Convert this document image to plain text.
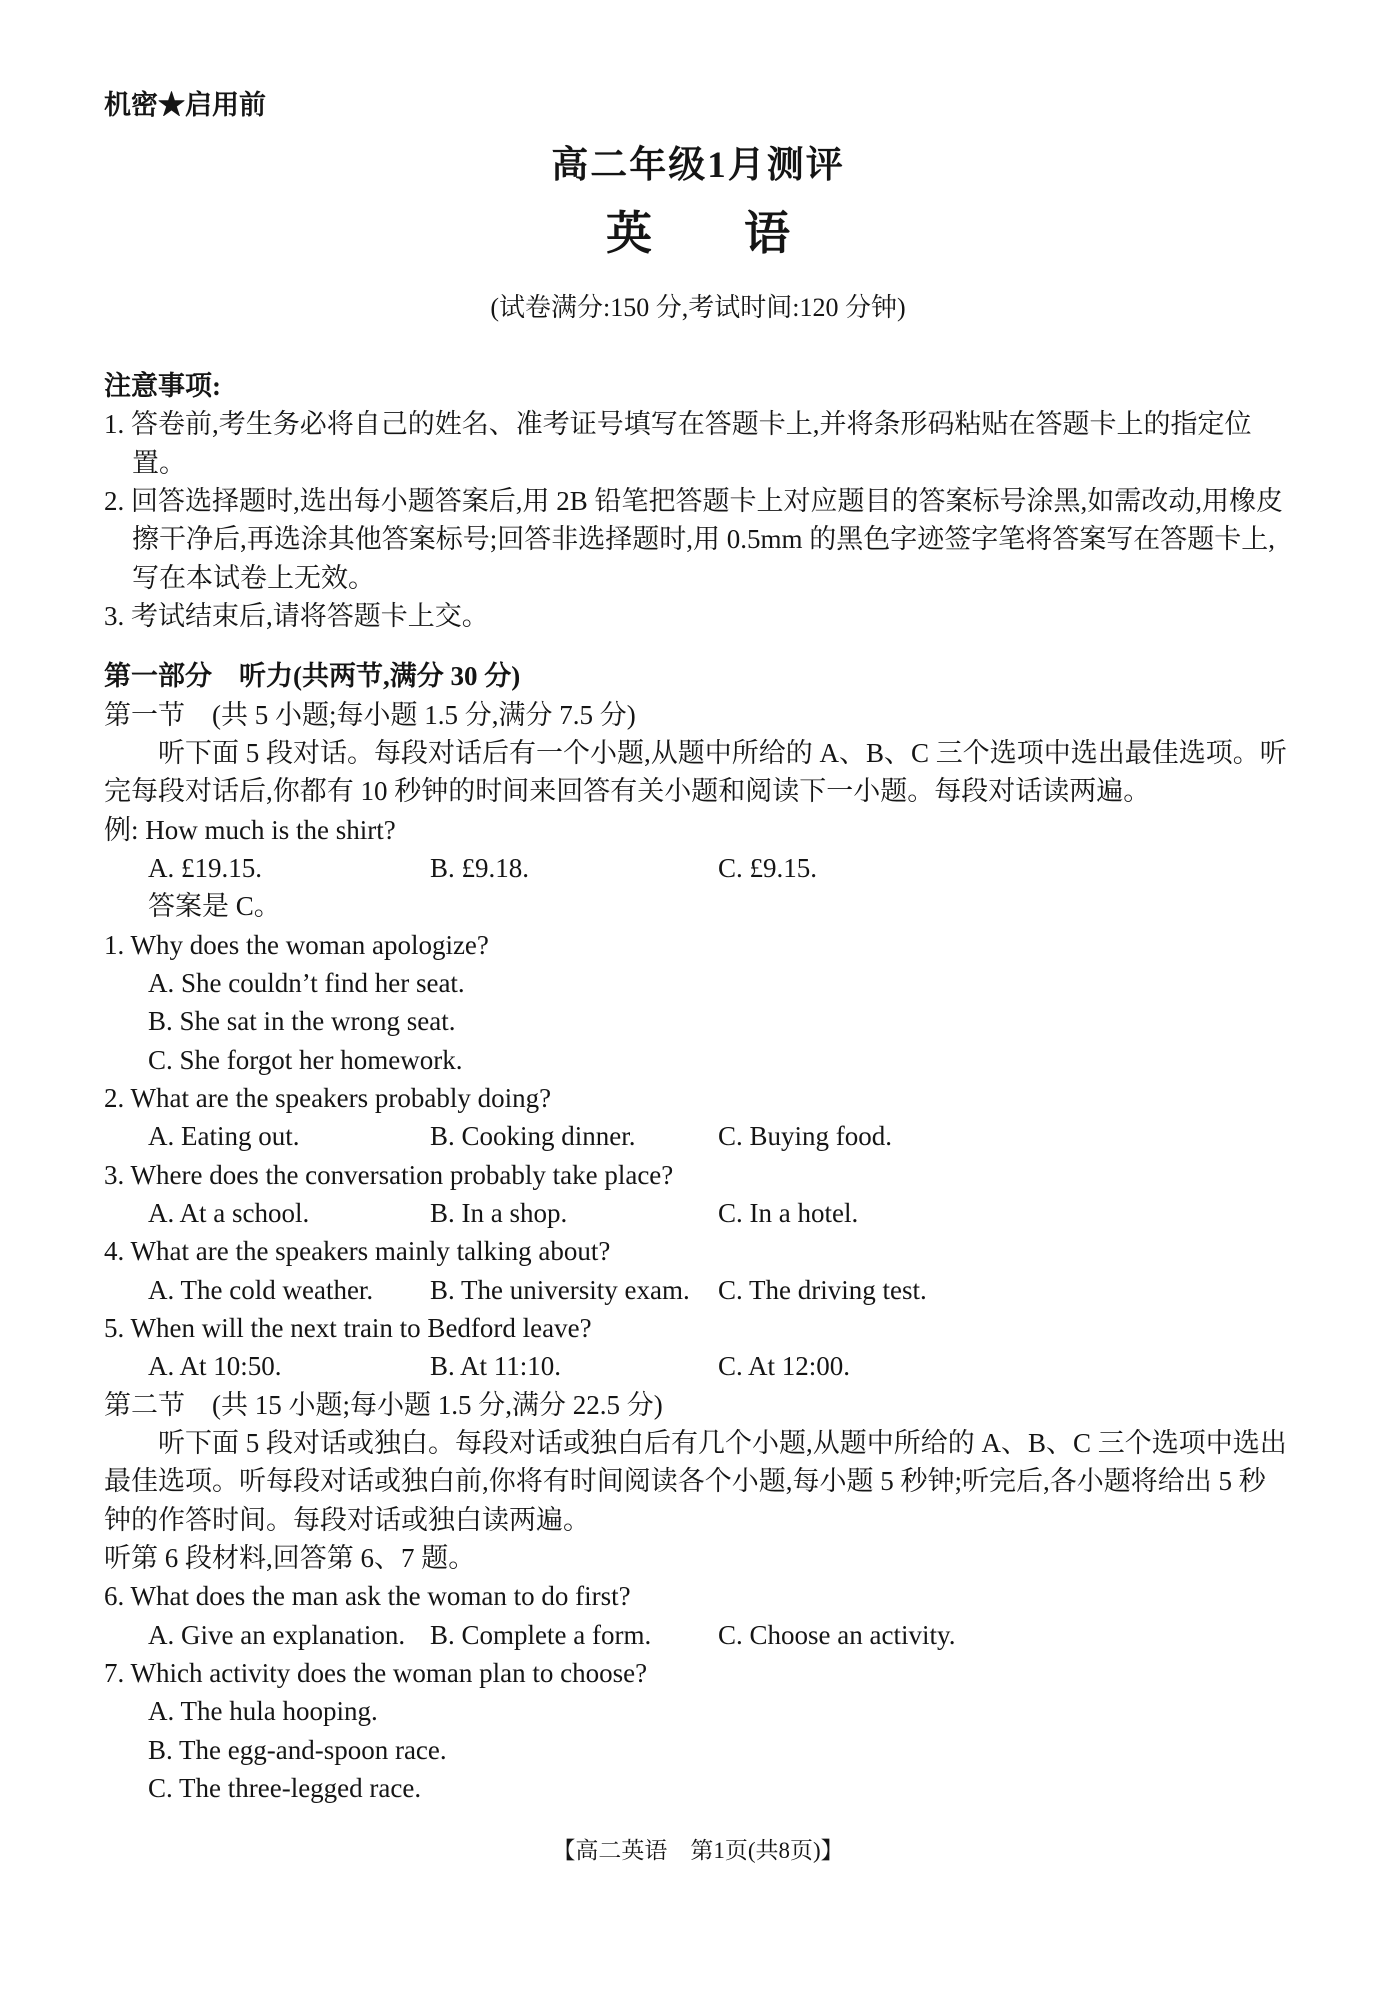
机密★启用前
高二年级1月测评
英　　语
(试卷满分:150 分,考试时间:120 分钟)
注意事项:
1. 答卷前,考生务必将自己的姓名、准考证号填写在答题卡上,并将条形码粘贴在答题卡上的指定位置。
2. 回答选择题时,选出每小题答案后,用 2B 铅笔把答题卡上对应题目的答案标号涂黑,如需改动,用橡皮擦干净后,再选涂其他答案标号;回答非选择题时,用 0.5mm 的黑色字迹签字笔将答案写在答题卡上,写在本试卷上无效。
3. 考试结束后,请将答题卡上交。
第一部分　听力(共两节,满分 30 分)
第一节　(共 5 小题;每小题 1.5 分,满分 7.5 分)
听下面 5 段对话。每段对话后有一个小题,从题中所给的 A、B、C 三个选项中选出最佳选项。听完每段对话后,你都有 10 秒钟的时间来回答有关小题和阅读下一小题。每段对话读两遍。
例: How much is the shirt?
A. £19.15.	B. £9.18.	C. £9.15.
答案是 C。
1. Why does the woman apologize?
A. She couldn’t find her seat.
B. She sat in the wrong seat.
C. She forgot her homework.
2. What are the speakers probably doing?
A. Eating out.	B. Cooking dinner.	C. Buying food.
3. Where does the conversation probably take place?
A. At a school.	B. In a shop.	C. In a hotel.
4. What are the speakers mainly talking about?
A. The cold weather.	B. The university exam.	C. The driving test.
5. When will the next train to Bedford leave?
A. At 10:50.	B. At 11:10.	C. At 12:00.
第二节　(共 15 小题;每小题 1.5 分,满分 22.5 分)
听下面 5 段对话或独白。每段对话或独白后有几个小题,从题中所给的 A、B、C 三个选项中选出最佳选项。听每段对话或独白前,你将有时间阅读各个小题,每小题 5 秒钟;听完后,各小题将给出 5 秒钟的作答时间。每段对话或独白读两遍。
听第 6 段材料,回答第 6、7 题。
6. What does the man ask the woman to do first?
A. Give an explanation. B. Complete a form.	C. Choose an activity.
7. Which activity does the woman plan to choose?
A. The hula hooping.
B. The egg-and-spoon race.
C. The three-legged race.
【高二英语　第1页(共8页)】
